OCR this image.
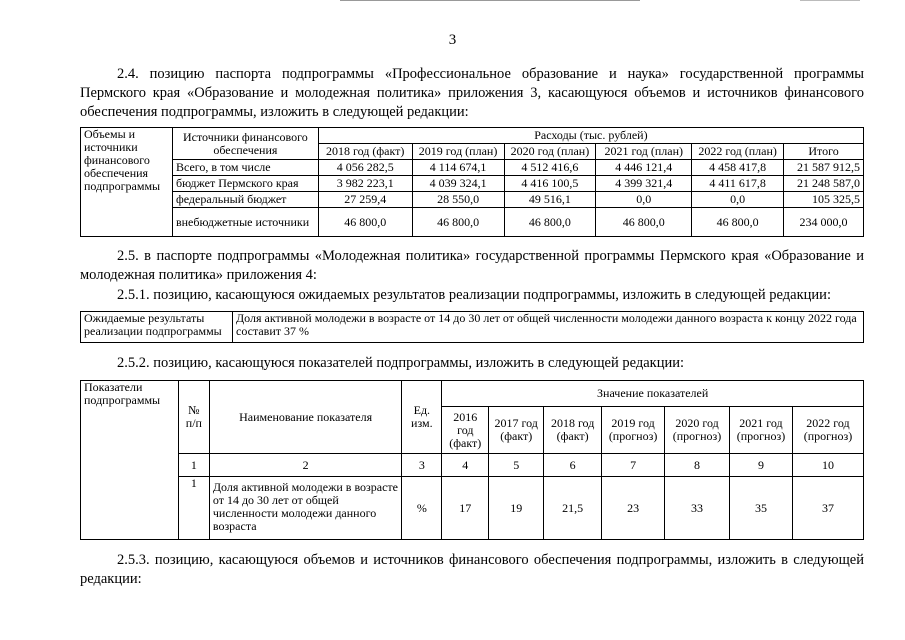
3
2.4. позицию паспорта подпрограммы «Профессиональное образование и наука» государственной программы Пермского края «Образование и молодежная политика» приложения 3, касающуюся объемов и источников финансового обеспечения подпрограммы, изложить в следующей редакции:
Объемы и источники финансового обеспечения подпрограммы	Источники финансового обеспечения	Расходы (тыс. рублей)					
		2018 год (факт)	2019 год (план)	2020 год (план)	2021 год (план)	2022 год (план)	Итого
	Всего, в том числе	4 056 282,5	4 114 674,1	4 512 416,6	4 446 121,4	4 458 417,8	21 587 912,5
	бюджет Пермского края	3 982 223,1	4 039 324,1	4 416 100,5	4 399 321,4	4 411 617,8	21 248 587,0
	федеральный бюджет	27 259,4	28 550,0	49 516,1	0,0	0,0	105 325,5
	внебюджетные источники	46 800,0	46 800,0	46 800,0	46 800,0	46 800,0	234 000,0
2.5. в паспорте подпрограммы «Молодежная политика» государственной программы Пермского края «Образование и молодежная политика» приложения 4:
2.5.1. позицию, касающуюся ожидаемых результатов реализации подпрограммы, изложить в следующей редакции:
Ожидаемые результаты реализации подпрограммы	Доля активной молодежи в возрасте от 14 до 30 лет от общей численности молодежи данного возраста к концу 2022 года составит 37 %
2.5.2. позицию, касающуюся показателей подпрограммы, изложить в следующей редакции:
Показатели подпрограммы	№ п/п	Наименование показателя	Ед. изм.	Значение показателей						
				2016 год (факт)	2017 год (факт)	2018 год (факт)	2019 год (прогноз)	2020 год (прогноз)	2021 год (прогноз)	2022 год (прогноз)
	1	2	3	4	5	6	7	8	9	10
	1	Доля активной молодежи в возрасте от 14 до 30 лет от общей численности молодежи данного возраста	%	17	19	21,5	23	33	35	37
2.5.3. позицию, касающуюся объемов и источников финансового обеспечения подпрограммы, изложить в следующей редакции:
